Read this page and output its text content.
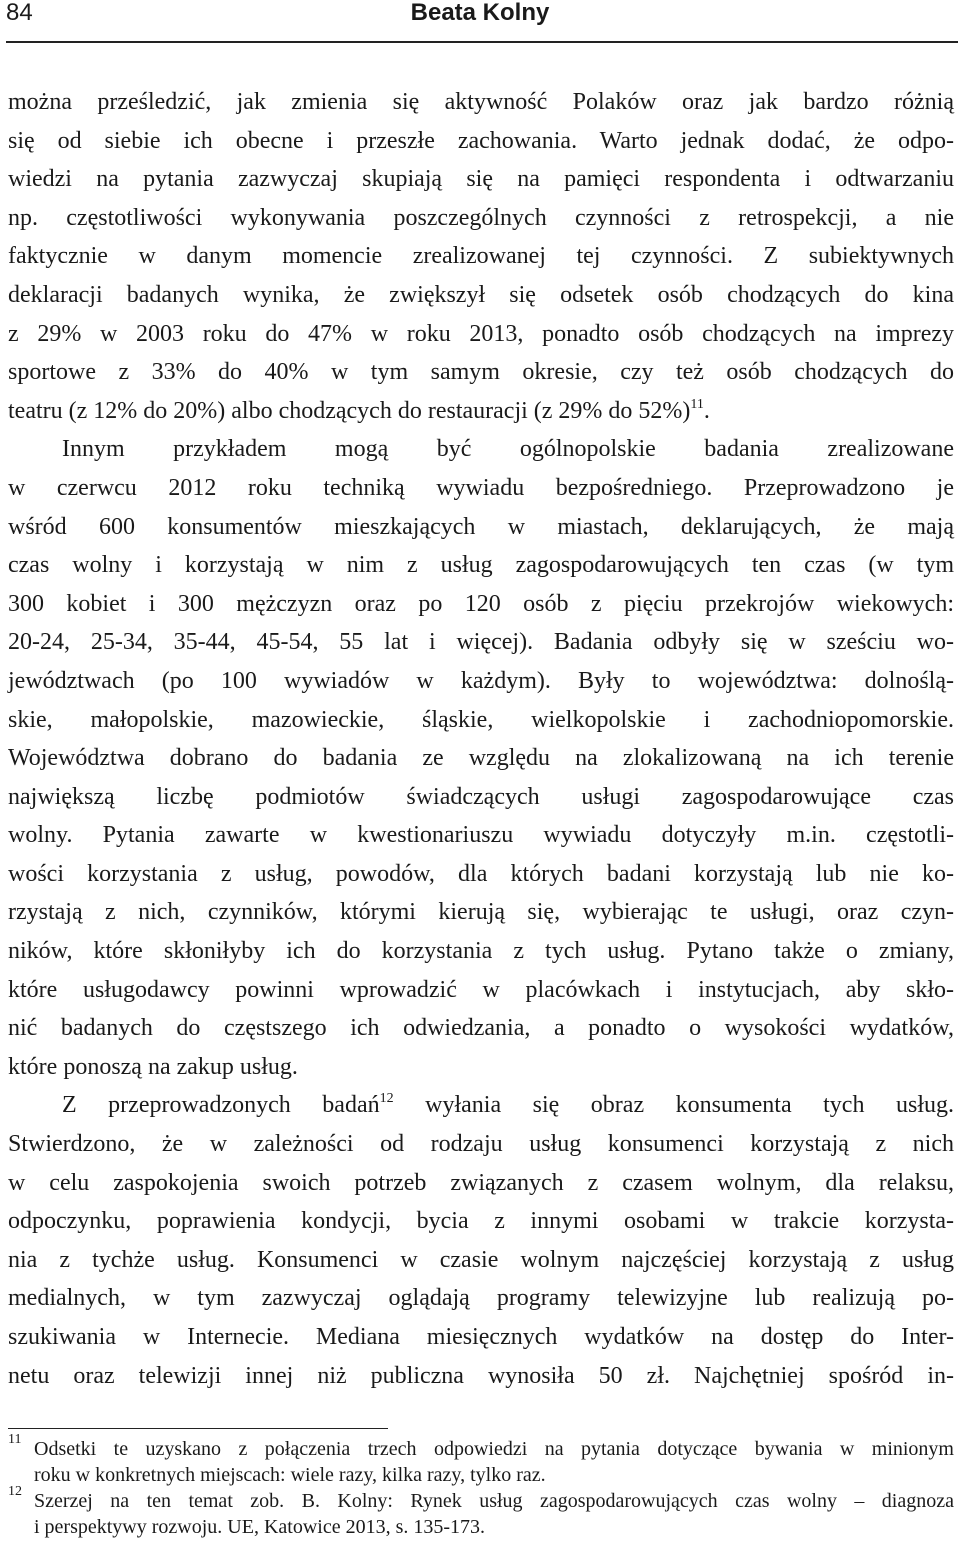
84	Beata Kolny
można prześledzić, jak zmienia się aktywność Polaków oraz jak bardzo różnią
się od siebie ich obecne i przeszłe zachowania. Warto jednak dodać, że odpo-
wiedzi na pytania zazwyczaj skupiają się na pamięci respondenta i odtwarzaniu
np. częstotliwości wykonywania poszczególnych czynności z retrospekcji, a nie
faktycznie w danym momencie zrealizowanej tej czynności. Z subiektywnych
deklaracji badanych wynika, że zwiększył się odsetek osób chodzących do kina
z 29% w 2003 roku do 47% w roku 2013, ponadto osób chodzących na imprezy
sportowe z 33% do 40% w tym samym okresie, czy też osób chodzących do
teatru (z 12% do 20%) albo chodzących do restauracji (z 29% do 52%)$^{11}$.
Innym przykładem mogą być ogólnopolskie badania zrealizowane
w czerwcu 2012 roku techniką wywiadu bezpośredniego. Przeprowadzono je
wśród 600 konsumentów mieszkających w miastach, deklarujących, że mają
czas wolny i korzystają w nim z usług zagospodarowujących ten czas (w tym
300 kobiet i 300 mężczyzn oraz po 120 osób z pięciu przekrojów wiekowych:
20-24, 25-34, 35-44, 45-54, 55 lat i więcej). Badania odbyły się w sześciu wo-
jewództwach (po 100 wywiadów w każdym). Były to województwa: dolnoślą-
skie, małopolskie, mazowieckie, śląskie, wielkopolskie i zachodniopomorskie.
Województwa dobrano do badania ze względu na zlokalizowaną na ich terenie
największą liczbę podmiotów świadczących usługi zagospodarowujące czas
wolny. Pytania zawarte w kwestionariuszu wywiadu dotyczyły m.in. częstotli-
wości korzystania z usług, powodów, dla których badani korzystają lub nie ko-
rzystają z nich, czynników, którymi kierują się, wybierając te usługi, oraz czyn-
ników, które skłoniłyby ich do korzystania z tych usług. Pytano także o zmiany,
które usługodawcy powinni wprowadzić w placówkach i instytucjach, aby skło-
nić badanych do częstszego ich odwiedzania, a ponadto o wysokości wydatków,
które ponoszą na zakup usług.
Z przeprowadzonych badań$^{12}$ wyłania się obraz konsumenta tych usług.
Stwierdzono, że w zależności od rodzaju usług konsumenci korzystają z nich
w celu zaspokojenia swoich potrzeb związanych z czasem wolnym, dla relaksu,
odpoczynku, poprawienia kondycji, bycia z innymi osobami w trakcie korzysta-
nia z tychże usług. Konsumenci w czasie wolnym najczęściej korzystają z usług
medialnych, w tym zazwyczaj oglądają programy telewizyjne lub realizują po-
szukiwania w Internecie. Mediana miesięcznych wydatków na dostęp do Inter-
netu oraz telewizji innej niż publiczna wynosiła 50 zł. Najchętniej spośród in-
11 Odsetki te uzyskano z połączenia trzech odpowiedzi na pytania dotyczące bywania w minionym
roku w konkretnych miejscach: wiele razy, kilka razy, tylko raz.
12 Szerzej na ten temat zob. B. Kolny: Rynek usług zagospodarowujących czas wolny – diagnoza
i perspektywy rozwoju. UE, Katowice 2013, s. 135-173.
